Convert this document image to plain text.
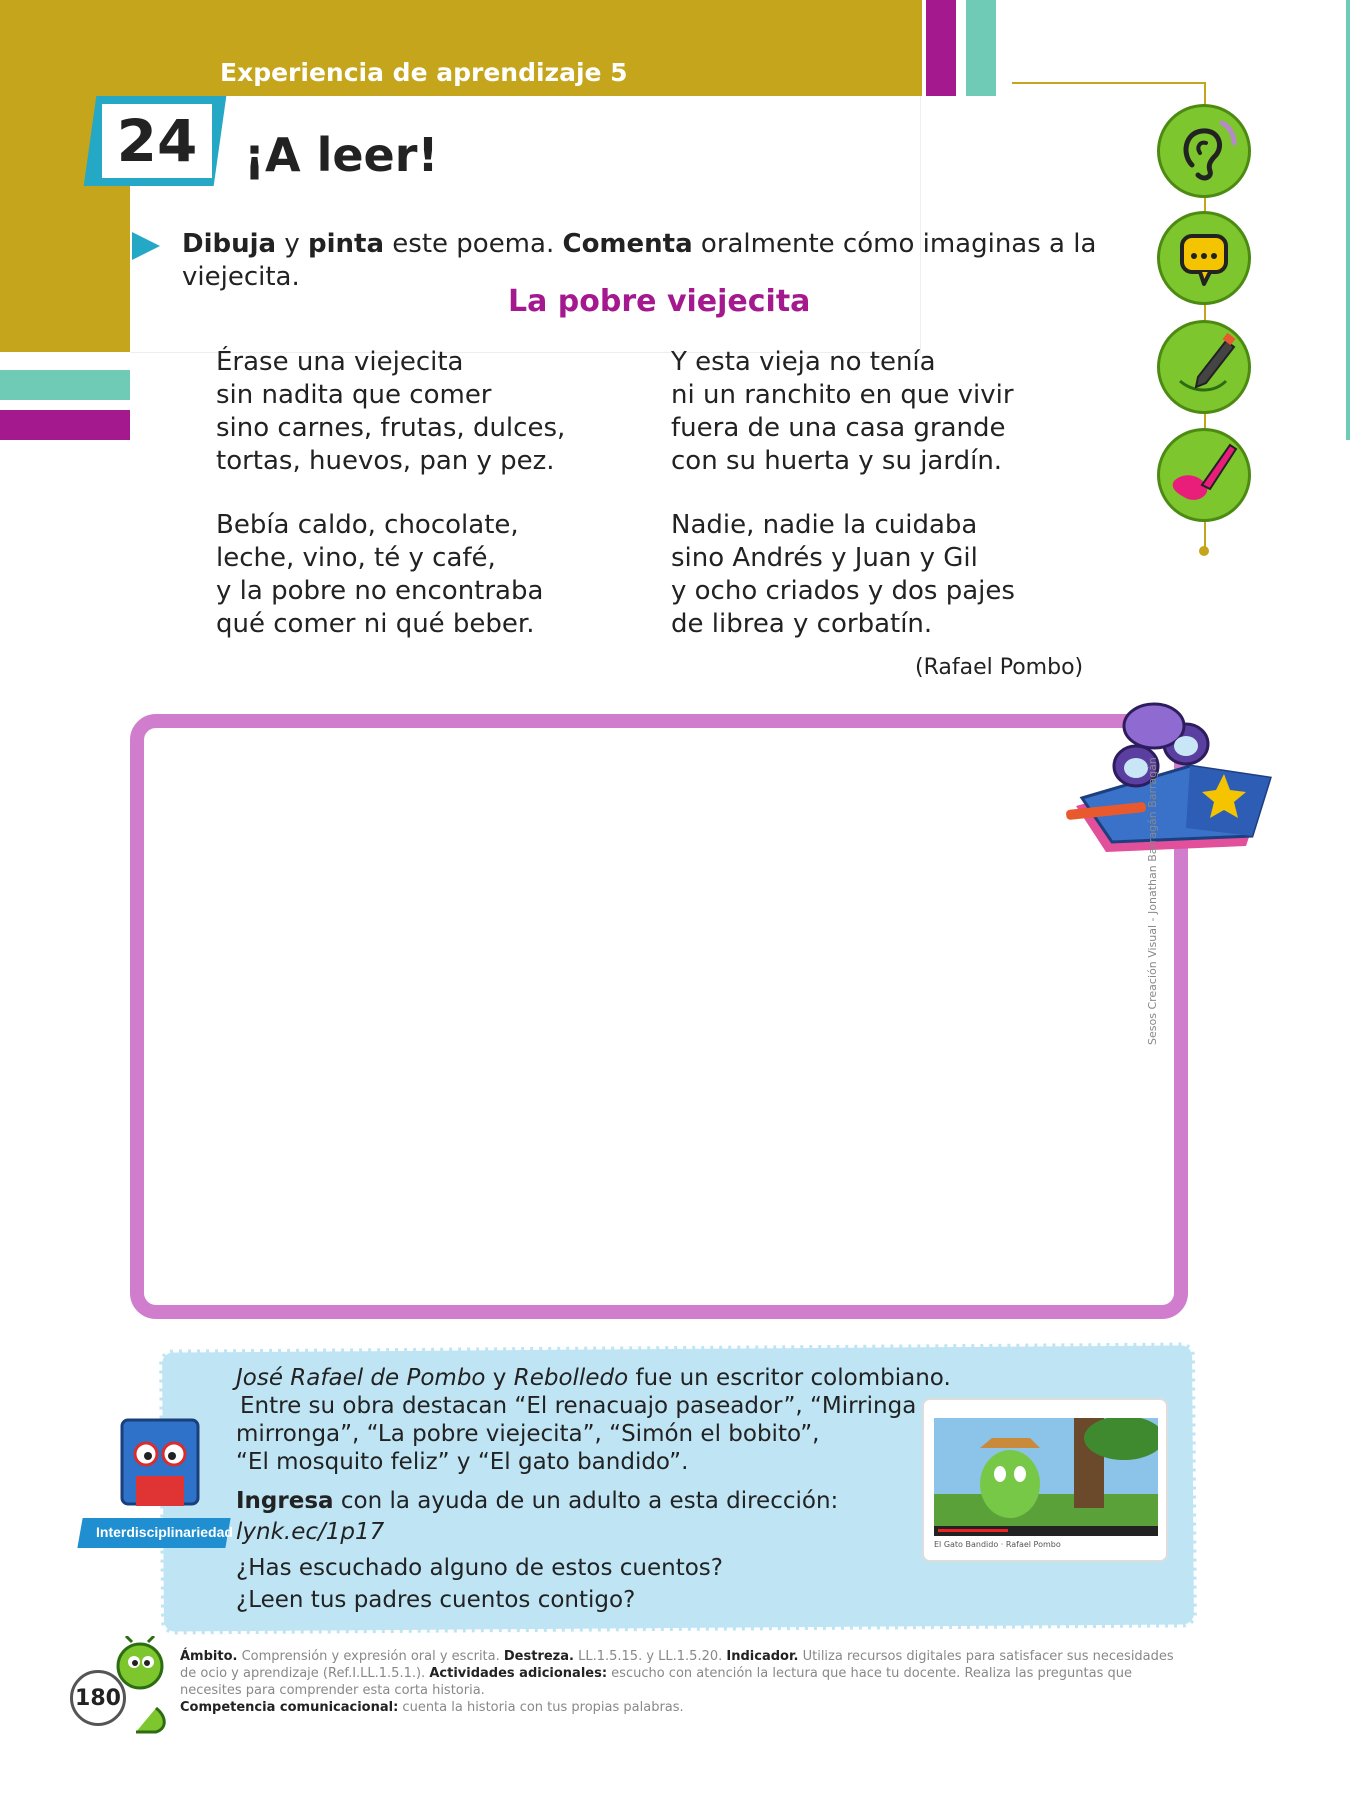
Experiencia de aprendizaje 5
24	¡A leer!
Dibuja y pinta este poema. Comenta oralmente cómo imaginas a la viejecita.
La pobre viejecita
Érase una viejecita
sin nadita que comer
sino carnes, frutas, dulces,
tortas, huevos, pan y pez.
Bebía caldo, chocolate,
leche, vino, té y café,
y la pobre no encontraba
qué comer ni qué beber.
Y esta vieja no tenía
ni un ranchito en que vivir
fuera de una casa grande
con su huerta y su jardín.
Nadie, nadie la cuidaba
sino Andrés y Juan y Gil
y ocho criados y dos pajes
de librea y corbatín.
(Rafael Pombo)
Sesos Creación Visual - Jonathan Barragán Barragán
José Rafael de Pombo y Rebolledo fue un escritor colombiano.
Entre su obra destacan “El renacuajo paseador”, “Mirringa
mirronga”, “La pobre viejecita”, “Simón el bobito”,
“El mosquito feliz” y “El gato bandido”.
Ingresa con la ayuda de un adulto a esta dirección:
lynk.ec/1p17
¿Has escuchado alguno de estos cuentos?
¿Leen tus padres cuentos contigo?
Interdisciplinariedad
El Gato Bandido · Rafael Pombo
Ámbito. Comprensión y expresión oral y escrita. Destreza. LL.1.5.15. y LL.1.5.20. Indicador. Utiliza recursos digitales para satisfacer sus necesidades de ocio y aprendizaje (Ref.I.LL.1.5.1.). Actividades adicionales: escucho con atención la lectura que hace tu docente. Realiza las preguntas que necesites para comprender esta corta historia.
Competencia comunicacional: cuenta la historia con tus propias palabras.
180
